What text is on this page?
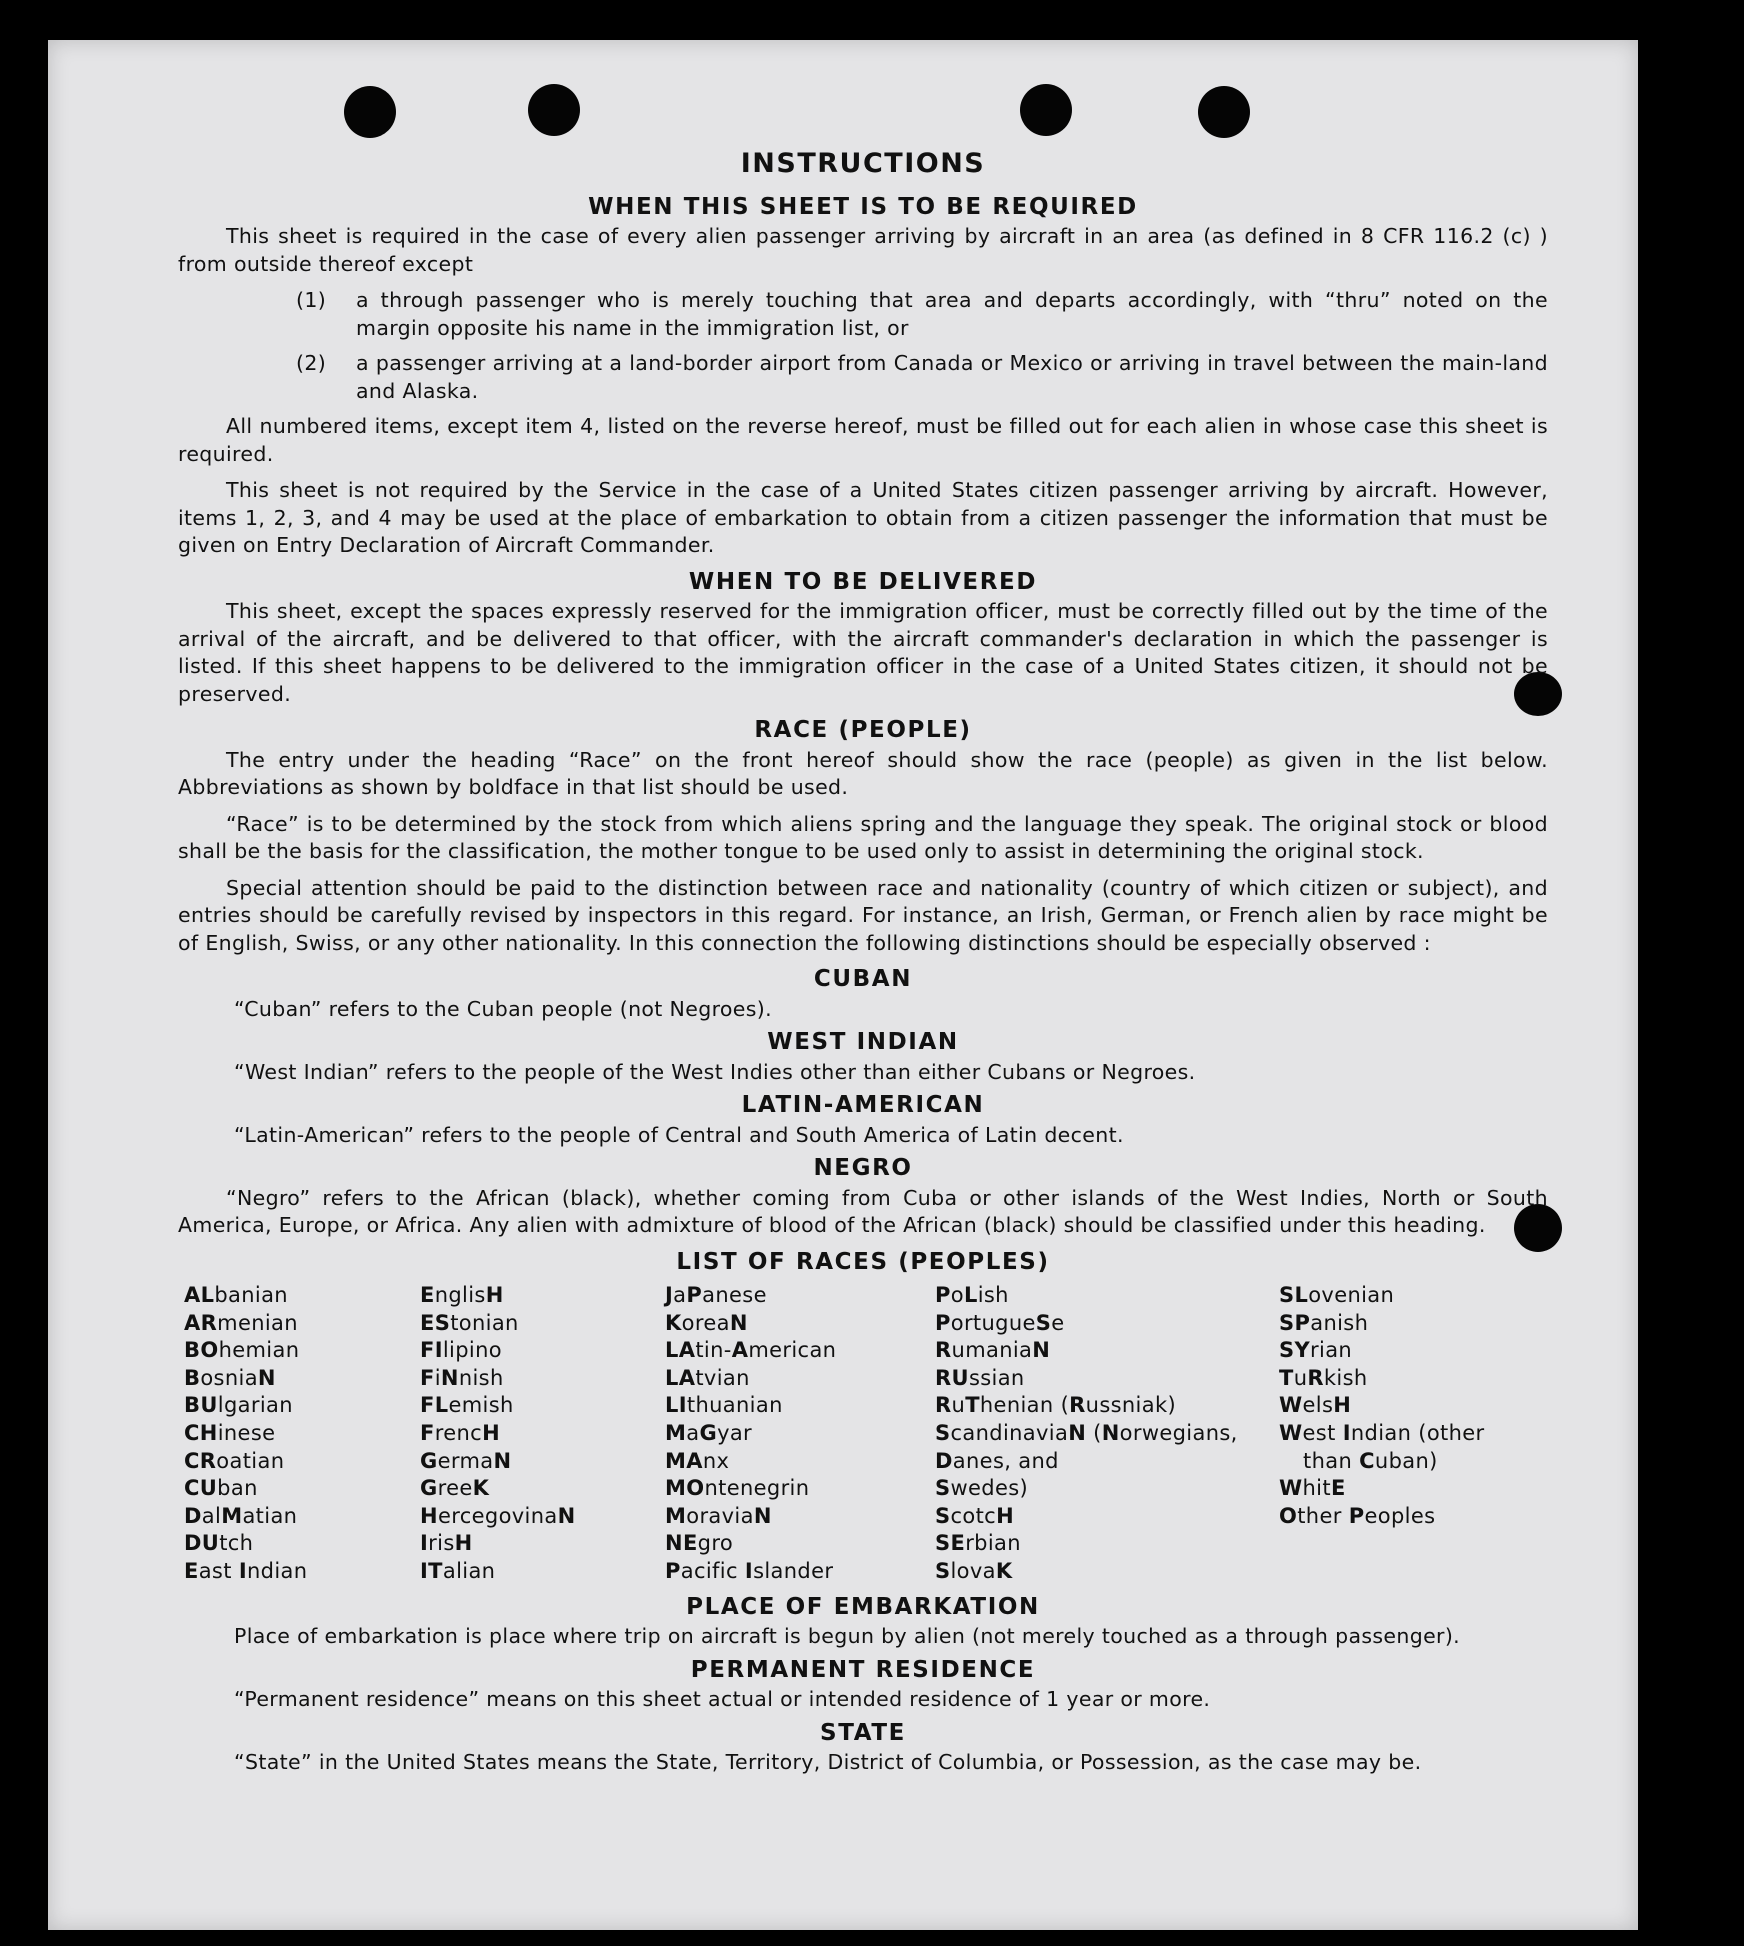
INSTRUCTIONS
WHEN THIS SHEET IS TO BE REQUIRED

This sheet is required in the case of every alien passenger arriving by aircraft in an area (as defined in 8 CFR 116.2 (c) ) from outside thereof except

(1)	a through passenger who is merely touching that area and departs accordingly, with “thru” noted on the margin opposite his name in the immigration list, or
(2)	a passenger arriving at a land-border airport from Canada or Mexico or arriving in travel between the main-land and Alaska.

All numbered items, except item 4, listed on the reverse hereof, must be filled out for each alien in whose case this sheet is required.

This sheet is not required by the Service in the case of a United States citizen passenger arriving by aircraft. However, items 1, 2, 3, and 4 may be used at the place of embarkation to obtain from a citizen passenger the information that must be given on Entry Declaration of Aircraft Commander.

WHEN TO BE DELIVERED

This sheet, except the spaces expressly reserved for the immigration officer, must be correctly filled out by the time of the arrival of the aircraft, and be delivered to that officer, with the aircraft commander's declaration in which the passenger is listed. If this sheet happens to be delivered to the immigration officer in the case of a United States citizen, it should not be preserved.

RACE (PEOPLE)

The entry under the heading “Race” on the front hereof should show the race (people) as given in the list below. Abbreviations as shown by boldface in that list should be used.

“Race” is to be determined by the stock from which aliens spring and the language they speak. The original stock or blood shall be the basis for the classification, the mother tongue to be used only to assist in determining the original stock.

Special attention should be paid to the distinction between race and nationality (country of which citizen or subject), and entries should be carefully revised by inspectors in this regard. For instance, an Irish, German, or French alien by race might be of English, Swiss, or any other nationality. In this connection the following distinctions should be especially observed :

CUBAN
“Cuban” refers to the Cuban people (not Negroes).
WEST INDIAN
“West Indian” refers to the people of the West Indies other than either Cubans or Negroes.
LATIN-AMERICAN
“Latin-American” refers to the people of Central and South America of Latin decent.
NEGRO

“Negro” refers to the African (black), whether coming from Cuba or other islands of the West Indies, North or South America, Europe, or Africa. Any alien with admixture of blood of the African (black) should be classified under this heading.

LIST OF RACES (PEOPLES)
ALbanian
ARmenian
BOhemian
BosniaN
BUlgarian
CHinese
CRoatian
CUban
DalMatian
DUtch
East Indian
EnglisH
EStonian
FIlipino
FiNnish
FLemish
FrencH
GermaN
GreeK
HercegovinaN
IrisH
ITalian
JaPanese
KoreaN
LAtin-American
LAtvian
LIthuanian
MaGyar
MAnx
MOntenegrin
MoraviaN
NEgro
Pacific Islander
PoLish
PortugueSe
RumaniaN
RUssian
RuThenian (Russniak)
ScandinaviaN (Norwegians,
Danes, and
Swedes)
ScotcH
SErbian
SlovaK
SLovenian
SPanish
SYrian
TuRkish
WelsH
West Indian (other
than Cuban)
WhitE
Other Peoples
PLACE OF EMBARKATION
Place of embarkation is place where trip on aircraft is begun by alien (not merely touched as a through passenger).
PERMANENT RESIDENCE
“Permanent residence” means on this sheet actual or intended residence of 1 year or more.
STATE
“State” in the United States means the State, Territory, District of Columbia, or Possession, as the case may be.
